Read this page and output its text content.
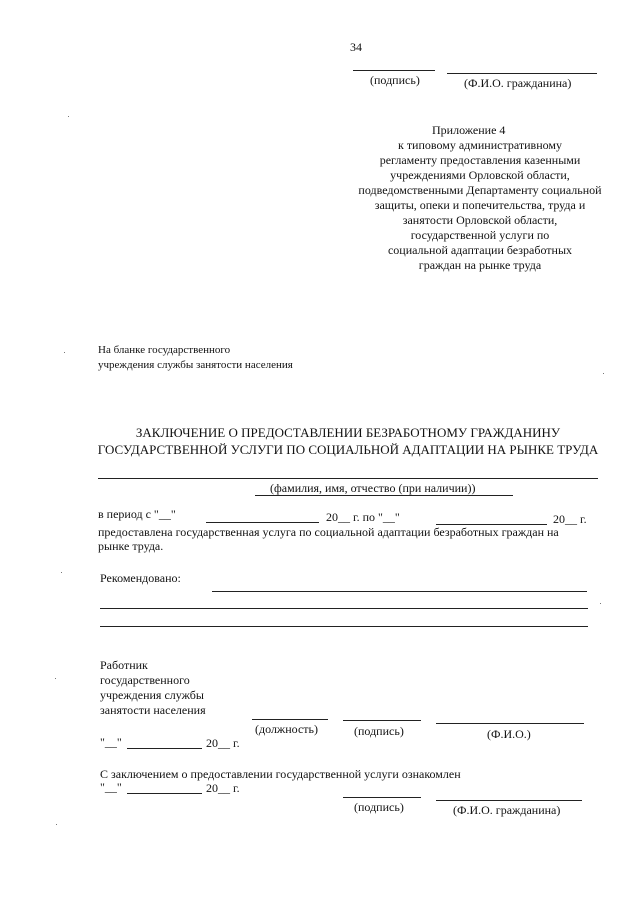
34
(подпись)	(Ф.И.О. гражданина)
Приложение 4
к типовому административному
регламенту предоставления казенными
учреждениями Орловской области,
подведомственными Департаменту социальной
защиты, опеки и попечительства, труда и
занятости Орловской области,
государственной услуги по
социальной адаптации безработных
граждан на рынке труда
На бланке государственного
учреждения службы занятости населения
ЗАКЛЮЧЕНИЕ О ПРЕДОСТАВЛЕНИИ БЕЗРАБОТНОМУ ГРАЖДАНИНУ
ГОСУДАРСТВЕННОЙ УСЛУГИ ПО СОЦИАЛЬНОЙ АДАПТАЦИИ НА РЫНКЕ ТРУДА
(фамилия, имя, отчество (при наличии))
в период с "__"	20__ г. по "__"	20__ г.
предоставлена государственная услуга по социальной адаптации безработных граждан на
рынке труда.
Рекомендовано:
Работник
государственного
учреждения службы
занятости населения
(должность)	(подпись)	(Ф.И.О.)
"__"	20__ г.
С заключением о предоставлении государственной услуги ознакомлен
"__"	20__ г.
(подпись)	(Ф.И.О. гражданина)
